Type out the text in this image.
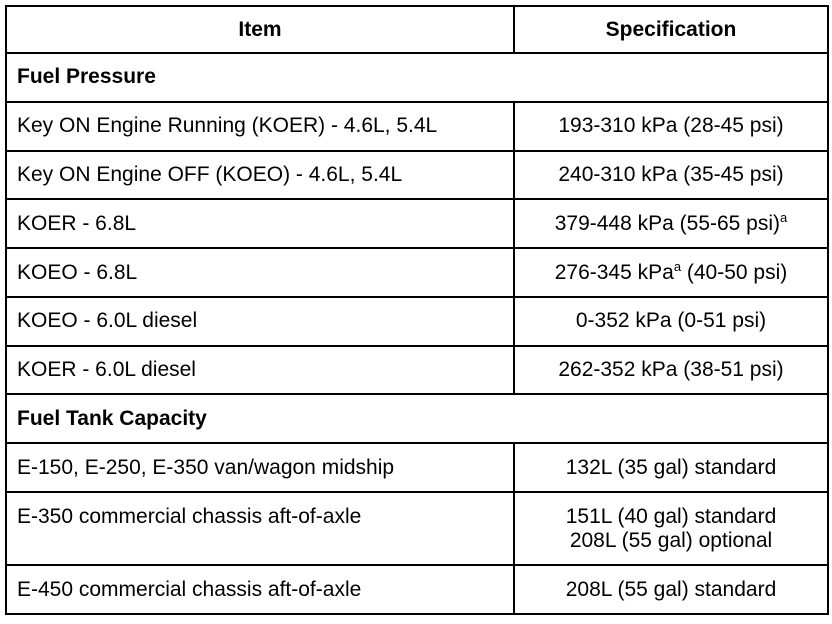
Item	Specification
Fuel Pressure	
Key ON Engine Running (KOER) - 4.6L, 5.4L	193-310 kPa (28-45 psi)
Key ON Engine OFF (KOEO) - 4.6L, 5.4L	240-310 kPa (35-45 psi)
KOER - 6.8L	379-448 kPa (55-65 psi)$^a$
KOEO - 6.8L	276-345 kPa$^a$ (40-50 psi)
KOEO - 6.0L diesel	0-352 kPa (0-51 psi)
KOER - 6.0L diesel	262-352 kPa (38-51 psi)
Fuel Tank Capacity	
E-150, E-250, E-350 van/wagon midship	132L (35 gal) standard
E-350 commercial chassis aft-of-axle	151L (40 gal) standard
208L (55 gal) optional

E-450 commercial chassis aft-of-axle	208L (55 gal) standard
